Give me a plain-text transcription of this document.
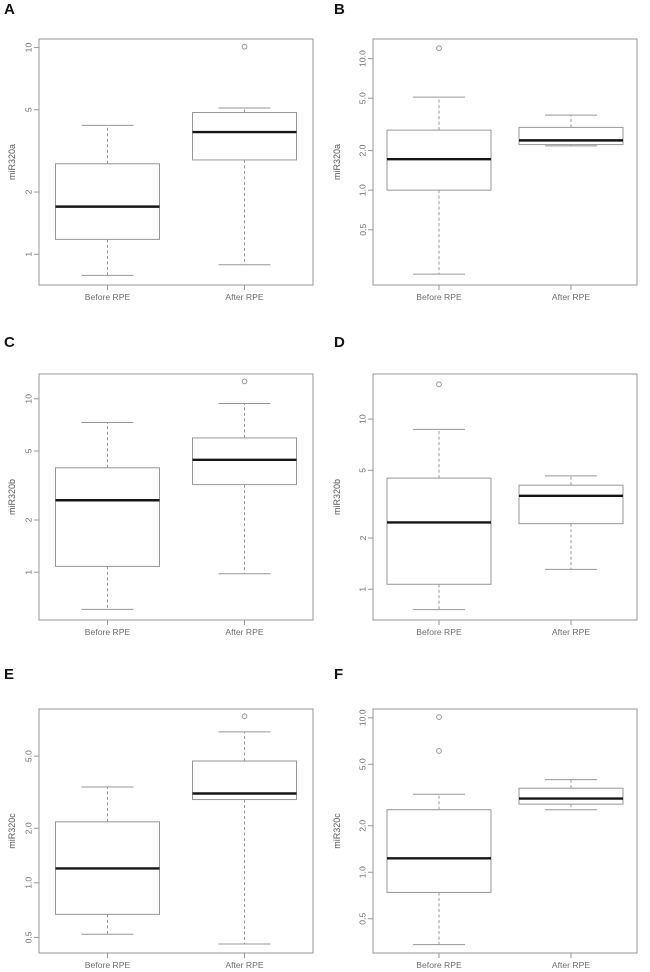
A
1
2
5
10
miR320a
Before RPE	After RPE
B
0.5
1.0
2.0
5.0
10.0
miR320a
Before RPE	After RPE
C
1
2
5
10
miR320b
Before RPE	After RPE
D
1
2
5
10
miR320b
Before RPE	After RPE
E
0.5
1.0
2.0
5.0
miR320c
Before RPE	After RPE
F
0.5
1.0
2.0
5.0
10.0
miR320c
Before RPE	After RPE
